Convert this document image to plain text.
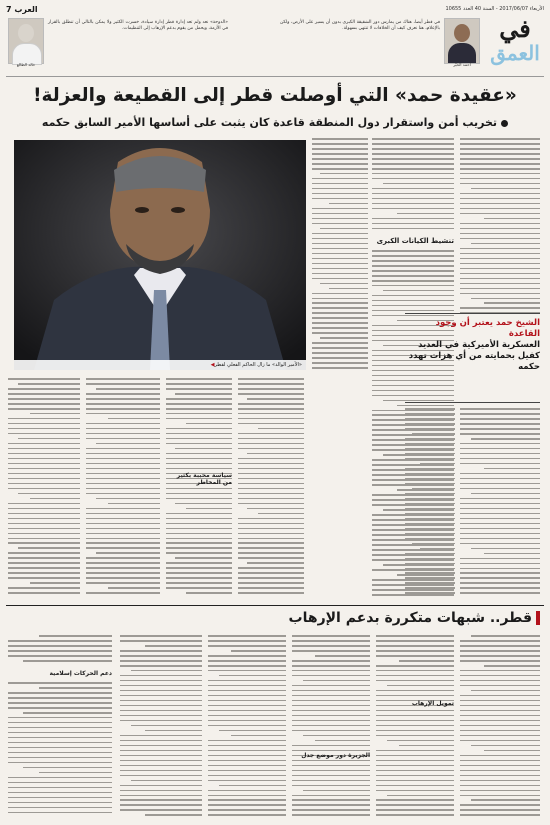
الأربعاء 2017/06/07 - السنة 40 العدد 10655
العرب 7
في
العمق
أحمد الخيّر
في قطر أيضا، هناك من يمارس دور الشقيقة الكبرى بدون أن يسير على الأرض، ولكن بالإعلام، هنا نعرف كيف أن الخلافات لا تنتهي بسهولة.
خالد الطالع
«الدوحة» نعد ولم تعد إدارة قطر إدارة سيادة، خسرت الكثير ولا يمكن بالتالي أن تنطلق بالقرار في الأزمة، ويحمل من يقوم بدعم الإرهاب إلى التنظيمات.
«عقيدة حمد» التي أوصلت قطر إلى القطيعة والعزلة!
تخريب أمن واستقرار دول المنطقة قاعدة كان يثبت على أساسها الأمير السابق حكمه
«الأمير الوالد» ما زال الحاكم الفعلي لقطر◀
تنشيط الكيانات الكبرى
الشيخ حمد يعتبر أن وجود القاعدة
العسكرية الأميركية في العديد
كفيل بحمايته من أي هزات تهدد حكمه
سياسة محببة بكثير من المخاطر
قطر.. شبهات متكررة بدعم الإرهاب
تمويل الإرهاب
الجزيرة دور موضع جدل
دعم الحركات إسلامية
